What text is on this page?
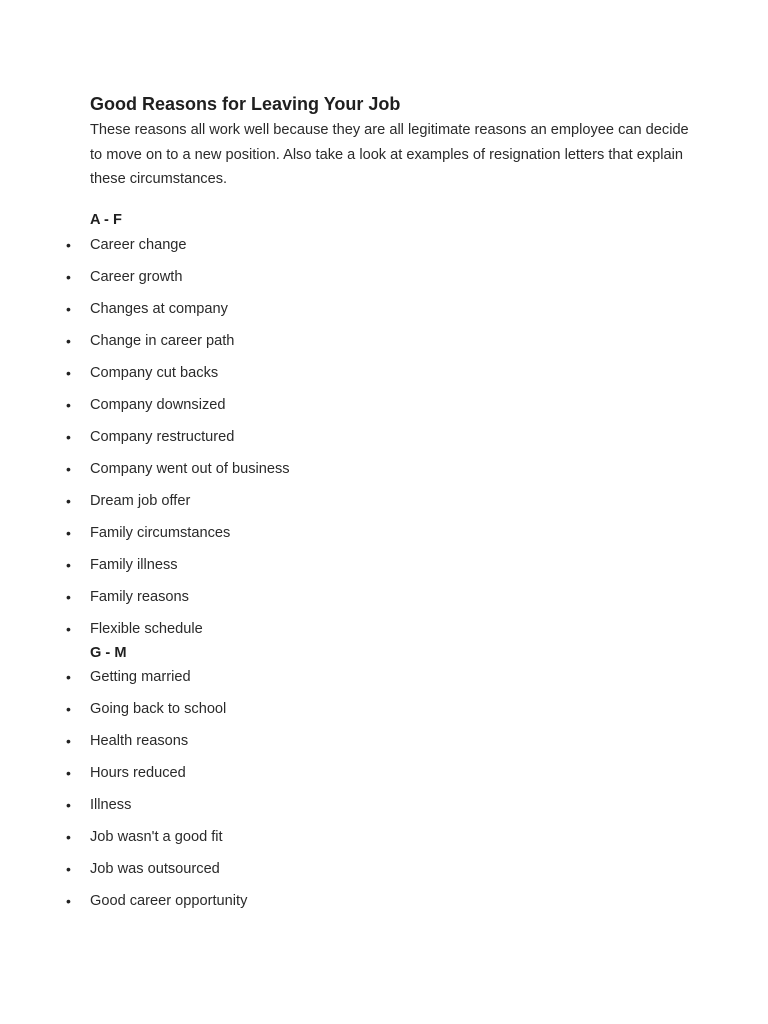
Good Reasons for Leaving Your Job

These reasons all work well because they are all legitimate reasons an employee can decide to move on to a new position. Also take a look at examples of resignation letters that explain these circumstances.

A - F
• Career change
• Career growth
• Changes at company
• Change in career path
• Company cut backs
• Company downsized
• Company restructured
• Company went out of business
• Dream job offer
• Family circumstances
• Family illness
• Family reasons
• Flexible schedule
G - M
• Getting married
• Going back to school
• Health reasons
• Hours reduced
• Illness
• Job wasn't a good fit
• Job was outsourced
• Good career opportunity
